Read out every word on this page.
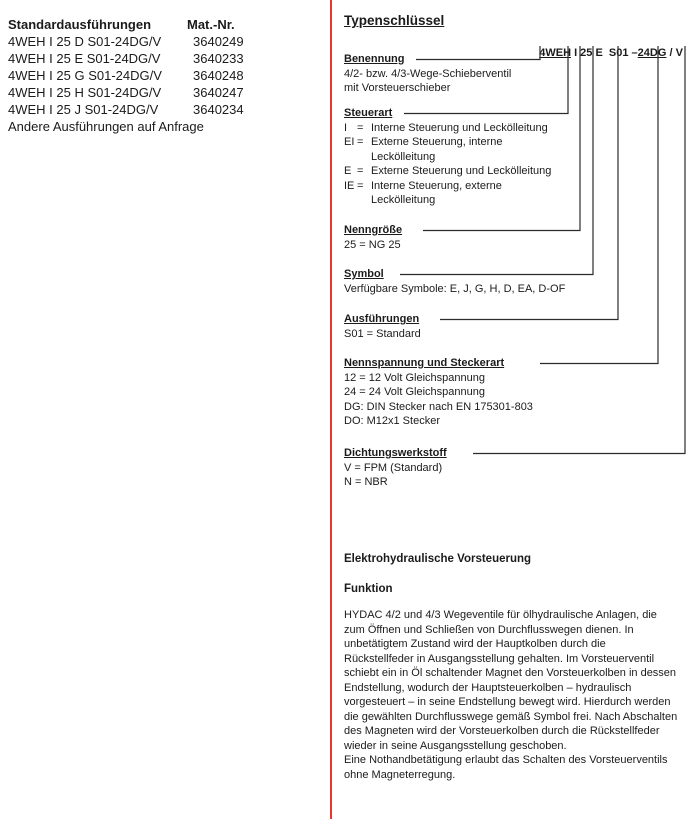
Standardausführungen	Mat.-Nr.
4WEH I 25 D S01-24DG/V	3640249
4WEH I 25 E S01-24DG/V	3640233
4WEH I 25 G S01-24DG/V	3640248
4WEH I 25 H S01-24DG/V	3640247
4WEH I 25 J S01-24DG/V	3640234
Andere Ausführungen auf Anfrage
Typenschlüssel

4WEH I 25 E  S01 –24DG / V

Benennung
4/2- bzw. 4/3-Wege-Schieberventil
mit Vorsteuerschieber
Steuerart
I = Interne Steuerung und Leckölleitung
EI = Externe Steuerung, interne
Leckölleitung
E = Externe Steuerung und Leckölleitung
IE = Interne Steuerung, externe
Leckölleitung
Nenngröße
25 = NG 25
Symbol
Verfügbare Symbole: E, J, G, H, D, EA, D-OF
Ausführungen
S01 = Standard
Nennspannung und Steckerart
12 = 12 Volt Gleichspannung
24 = 24 Volt Gleichspannung
DG: DIN Stecker nach EN 175301-803
DO: M12x1 Stecker
Dichtungswerkstoff
V = FPM (Standard)
N = NBR
Elektrohydraulische Vorsteuerung
Funktion
HYDAC 4/2 und 4/3 Wegeventile für ölhydraulische Anlagen, die zum Öffnen und Schließen von Durchflusswegen dienen. In unbetätigtem Zustand wird der Hauptkolben durch die Rückstellfeder in Ausgangsstellung gehalten. Im Vorsteuerventil schiebt ein in Öl schaltender Magnet den Vorsteuerkolben in dessen Endstellung, wodurch der Hauptsteuerkolben – hydraulisch vorgesteuert – in seine Endstellung bewegt wird. Hierdurch werden die gewählten Durchflusswege gemäß Symbol frei. Nach Abschalten des Magneten wird der Vorsteuerkolben durch die Rückstellfeder wieder in seine Ausgangsstellung geschoben.
Eine Nothandbetätigung erlaubt das Schalten des Vorsteuerventils ohne Magneterregung.
